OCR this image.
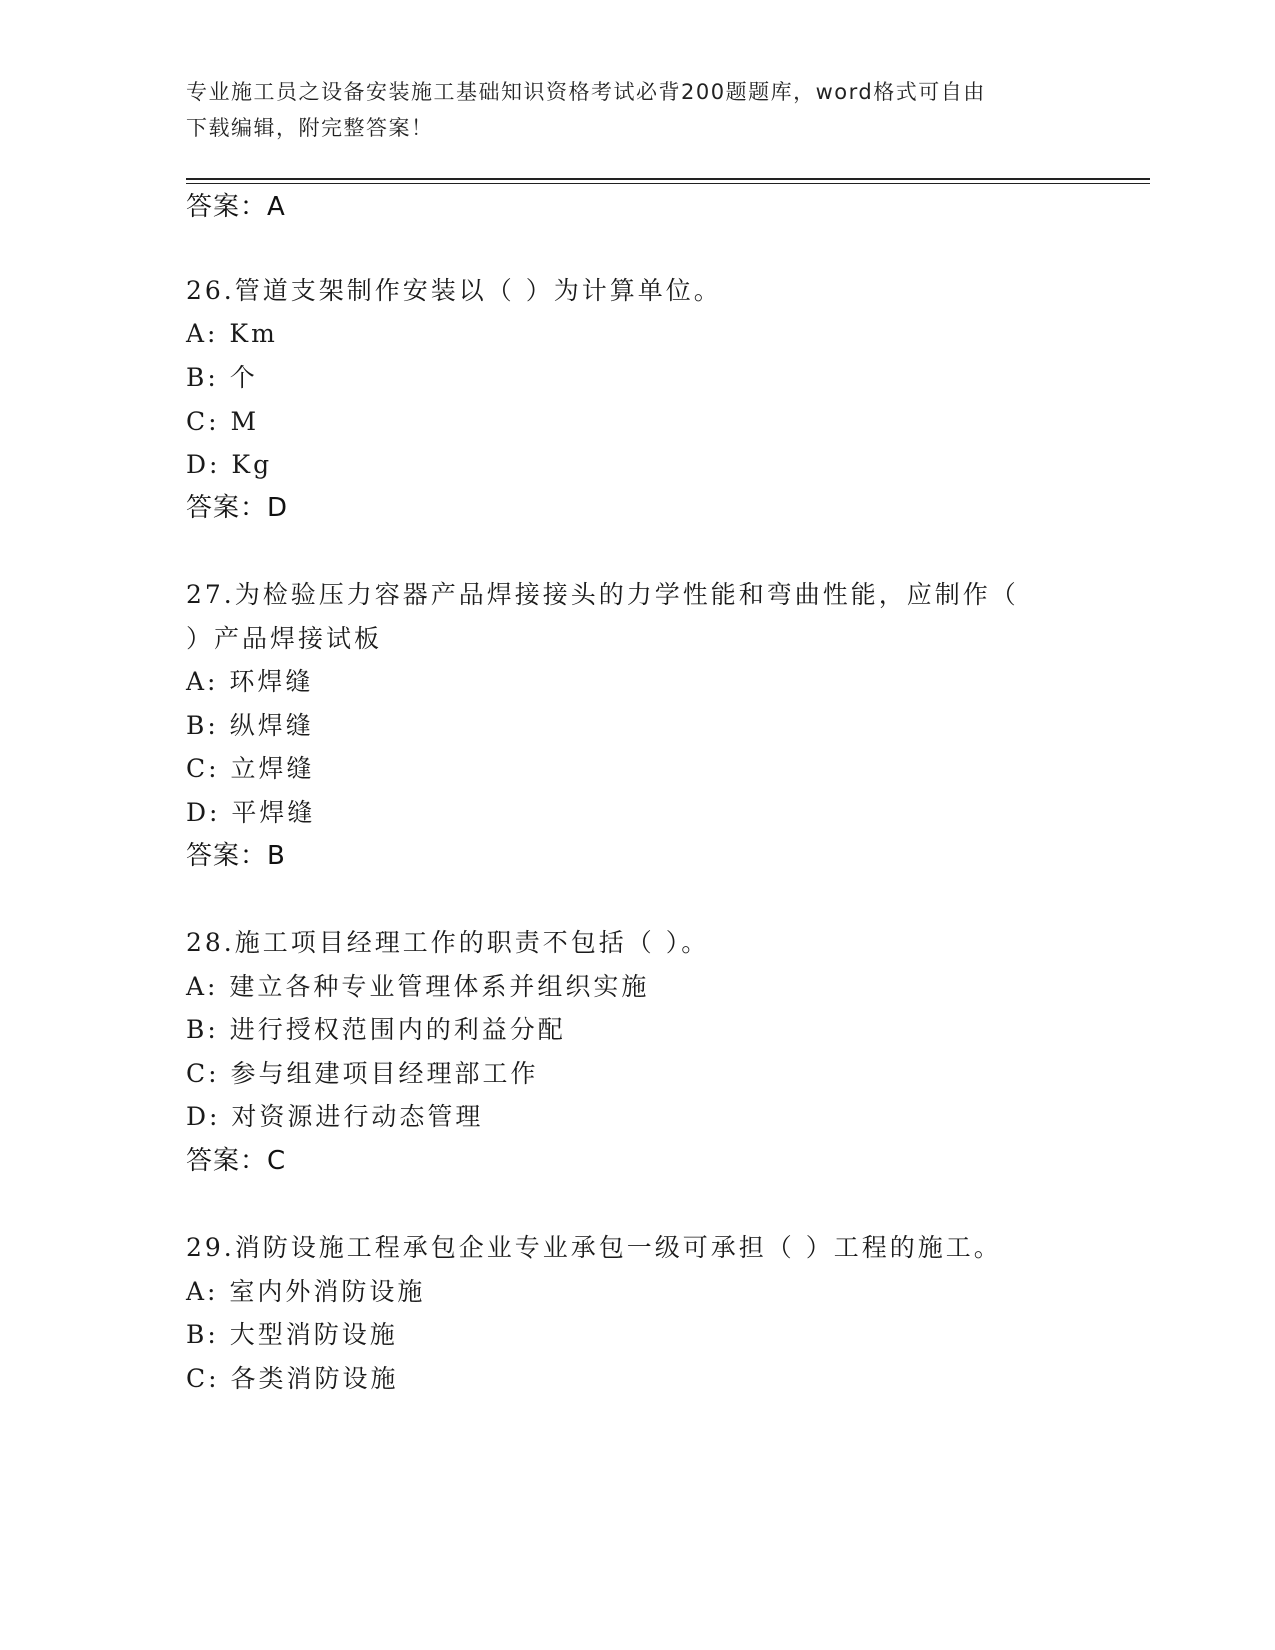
专业施工员之设备安装施工基础知识资格考试必背200题题库，word格式可自由
下载编辑，附完整答案！
答案：A
26.管道支架制作安装以（ ）为计算单位。
A: Km
B: 个
C: M
D: Kg
答案：D
27.为检验压力容器产品焊接接头的力学性能和弯曲性能，应制作（
）产品焊接试板
A: 环焊缝
B: 纵焊缝
C: 立焊缝
D: 平焊缝
答案：B
28.施工项目经理工作的职责不包括（ ）。
A: 建立各种专业管理体系并组织实施
B: 进行授权范围内的利益分配
C: 参与组建项目经理部工作
D: 对资源进行动态管理
答案：C
29.消防设施工程承包企业专业承包一级可承担（ ）工程的施工。
A: 室内外消防设施
B: 大型消防设施
C: 各类消防设施
